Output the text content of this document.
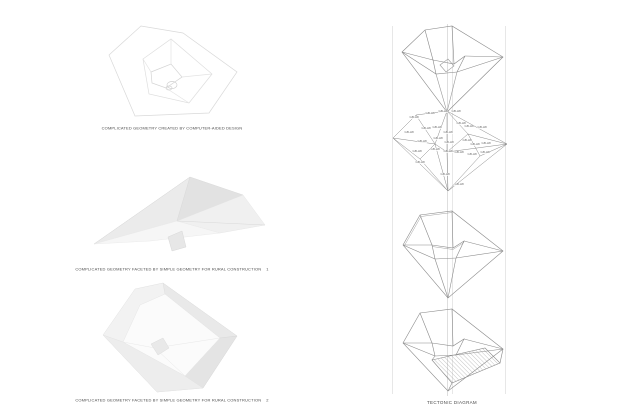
COMPLICATED GEOMETRY CREATED BY COMPUTER-AIDED DESIGN
COMPLICATED GEOMETRY FACETED BY SIMPLE GEOMETRY FOR RURAL CONSTRUCTION    1
COMPLICATED GEOMETRY FACETED BY SIMPLE GEOMETRY FOR RURAL CONSTRUCTION    2
GB-H8
GB-H8
GB-H8 GB-H8
GB-H8
GB-H8 GB-H8
GB-H8
GB-H8 GB-H8
GB-H8
GB-H8
GB-H8
GB-H8
GB-H8
GB-H8 GB-H8
GB-H8
GB-H8
GB-H8 GB-H8
GB-H8
GB-H8
GB-H8
GB-H8
GB-H8
TECTONIC DIAGRAM
